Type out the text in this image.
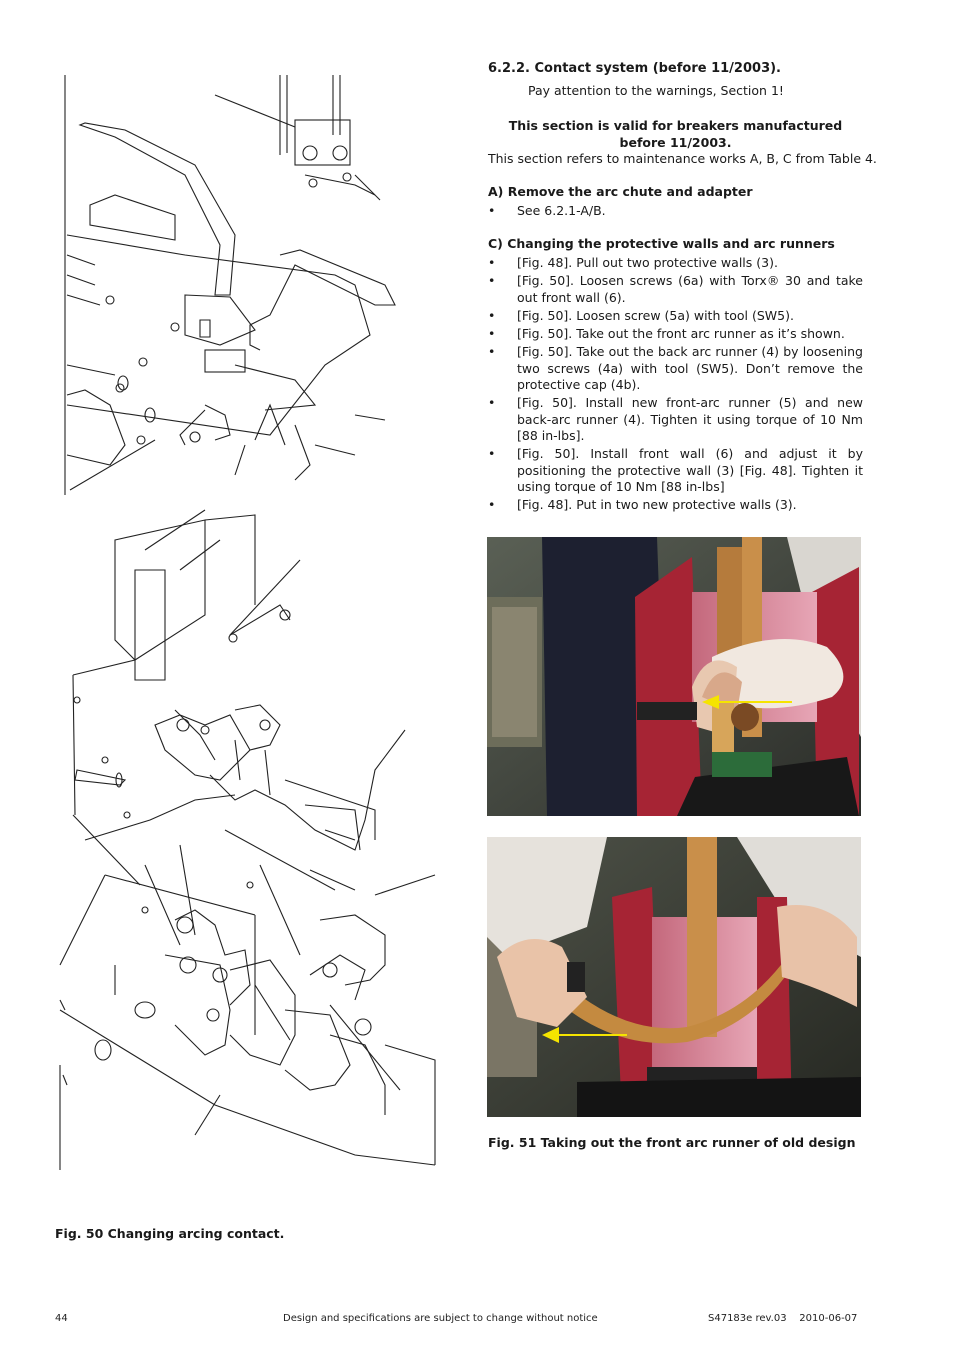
6.2.2. Contact system (before 11/2003).
Pay attention to the warnings, Section 1!
This section is valid for breakers manufactured
before 11/2003.
This section refers to maintenance works A, B, C from Table 4.
A) Remove the arc chute and adapter
• See 6.2.1-A/B.
C) Changing the protective walls and arc runners
• [Fig. 48]. Pull out two protective walls (3).
• [Fig. 50]. Loosen screws (6a) with Torx® 30 and take out front wall (6).
• [Fig. 50]. Loosen screw (5a) with tool (SW5).
• [Fig. 50]. Take out the front arc runner as it’s shown.
• [Fig. 50]. Take out the back arc runner (4) by loosening two screws (4a) with tool (SW5). Don’t remove the protective cap (4b).
• [Fig. 50]. Install new front-arc runner (5) and new back-arc runner (4). Tighten it using torque of 10 Nm [88 in-lbs].
• [Fig. 50]. Install front wall (6) and adjust it by positioning the protective wall (3) [Fig. 48]. Tighten it using torque of 10 Nm [88 in-lbs]
• [Fig. 48]. Put in two new protective walls (3).
Fig. 51 Taking out the front arc runner of old design
Fig. 50 Changing arcing contact.
44	Design and specifications are subject to change without notice	S47183e rev.03    2010-06-07
